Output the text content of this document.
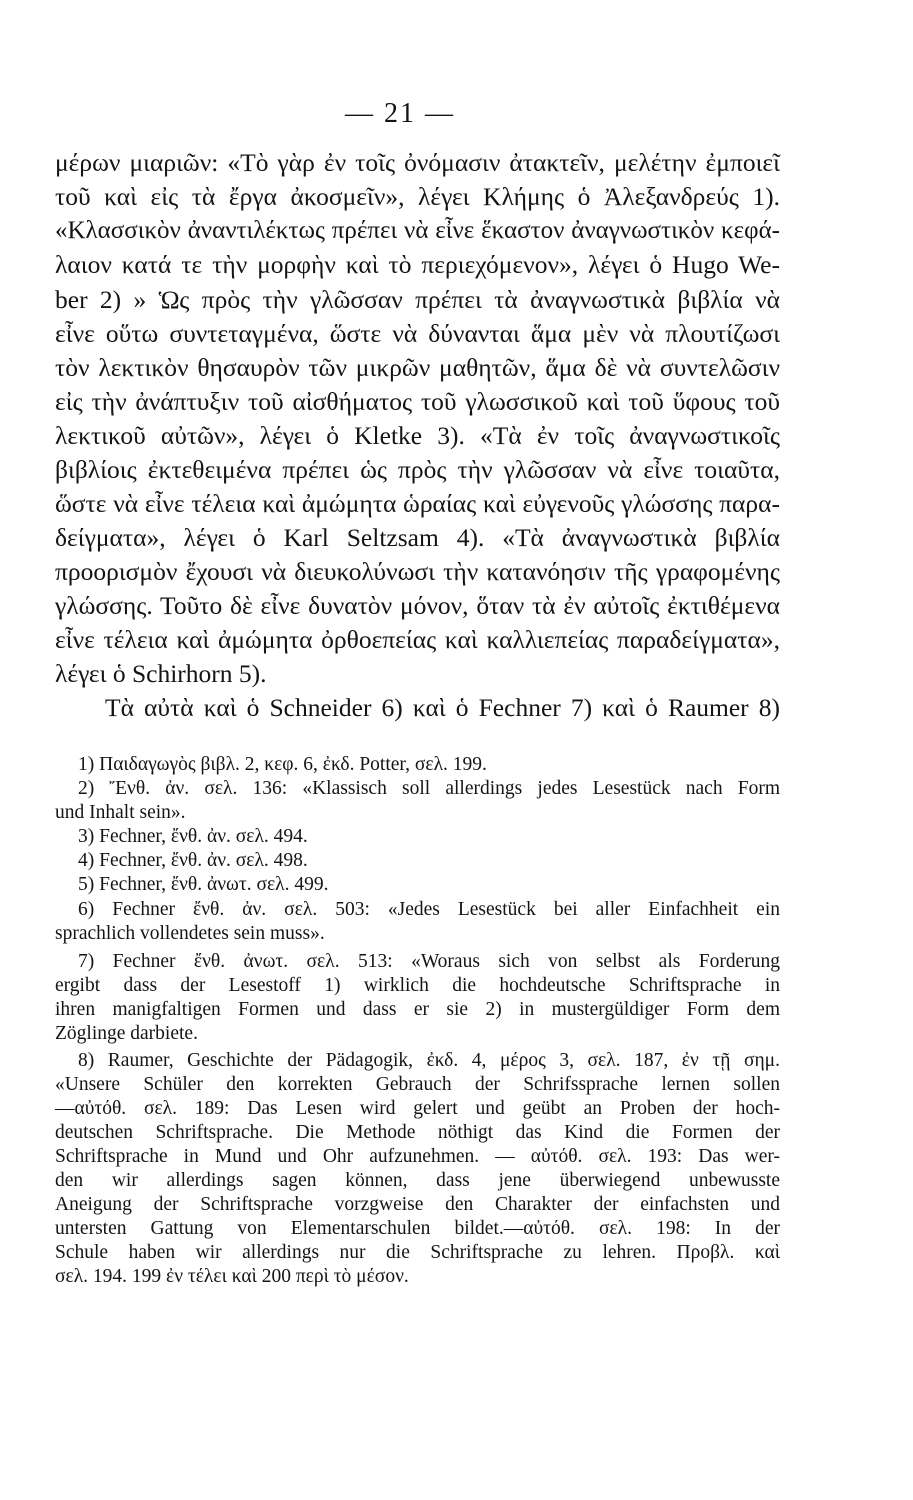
— 21 —
μέρων μιαριῶν: «Τὸ γὰρ ἐν τοῖς ὀνόμασιν ἀτακτεῖν, μελέτην ἐμποιεῖ
τοῦ καὶ εἰς τὰ ἔργα ἀκοσμεῖν», λέγει Κλήμης ὁ Ἀλεξανδρεύς 1).
«Κλασσικὸν ἀναντιλέκτως πρέπει νὰ εἶνε ἕκαστον ἀναγνωστικὸν κεφά-
λαιον κατά τε τὴν μορφὴν καὶ τὸ περιεχόμενον», λέγει ὁ Hugo We-
ber 2) » Ὡς πρὸς τὴν γλῶσσαν πρέπει τὰ ἀναγνωστικὰ βιβλία νὰ
εἶνε οὕτω συντεταγμένα, ὥστε νὰ δύνανται ἅμα μὲν νὰ πλουτίζωσι
τὸν λεκτικὸν θησαυρὸν τῶν μικρῶν μαθητῶν, ἅμα δὲ νὰ συντελῶσιν
εἰς τὴν ἀνάπτυξιν τοῦ αἰσθήματος τοῦ γλωσσικοῦ καὶ τοῦ ὕφους τοῦ
λεκτικοῦ αὐτῶν», λέγει ὁ Kletke 3). «Τὰ ἐν τοῖς ἀναγνωστικοῖς
βιβλίοις ἐκτεθειμένα πρέπει ὡς πρὸς τὴν γλῶσσαν νὰ εἶνε τοιαῦτα,
ὥστε νὰ εἶνε τέλεια καὶ ἀμώμητα ὡραίας καὶ εὐγενοῦς γλώσσης παρα-
δείγματα», λέγει ὁ Karl Seltzsam 4). «Τὰ ἀναγνωστικὰ βιβλία
προορισμὸν ἔχουσι νὰ διευκολύνωσι τὴν κατανόησιν τῆς γραφομένης
γλώσσης. Τοῦτο δὲ εἶνε δυνατὸν μόνον, ὅταν τὰ ἐν αὐτοῖς ἐκτιθέμενα
εἶνε τέλεια καὶ ἀμώμητα ὀρθοεπείας καὶ καλλιεπείας παραδείγματα»,
λέγει ὁ Schirhorn 5).
Τὰ αὐτὰ καὶ ὁ Schneider 6) καὶ ὁ Fechner 7) καὶ ὁ Raumer 8)
1) Παιδαγωγὸς βιβλ. 2, κεφ. 6, ἐκδ. Potter, σελ. 199.
2) Ἔνθ. ἀν. σελ. 136: «Klassisch soll allerdings jedes Lesestück nach Form
und Inhalt sein».
3) Fechner, ἔνθ. ἀν. σελ. 494.
4) Fechner, ἔνθ. ἀν. σελ. 498.
5) Fechner, ἔνθ. ἀνωτ. σελ. 499.
6) Fechner ἔνθ. ἀν. σελ. 503: «Jedes Lesestück bei aller Einfachheit ein
sprachlich vollendetes sein muss».
7) Fechner ἔνθ. ἀνωτ. σελ. 513: «Woraus sich von selbst als Forderung
ergibt dass der Lesestoff 1) wirklich die hochdeutsche Schriftsprache in
ihren manigfaltigen Formen und dass er sie 2) in mustergüldiger Form dem
Zöglinge darbiete.
8) Raumer, Geschichte der Pädagogik, ἐκδ. 4, μέρος 3, σελ. 187, ἐν τῇ σημ.
«Unsere Schüler den korrekten Gebrauch der Schrifssprache lernen sollen
—αὐτόθ. σελ. 189: Das Lesen wird gelert und geübt an Proben der hoch-
deutschen Schriftsprache. Die Methode nöthigt das Kind die Formen der
Schriftsprache in Mund und Ohr aufzunehmen. — αὐτόθ. σελ. 193: Das wer-
den wir allerdings sagen können, dass jene überwiegend unbewusste
Aneigung der Schriftsprache vorzgweise den Charakter der einfachsten und
untersten Gattung von Elementarschulen bildet.—αὐτόθ. σελ. 198: In der
Schule haben wir allerdings nur die Schriftsprache zu lehren. Προβλ. καὶ
σελ. 194. 199 ἐν τέλει καὶ 200 περὶ τὸ μέσον.
